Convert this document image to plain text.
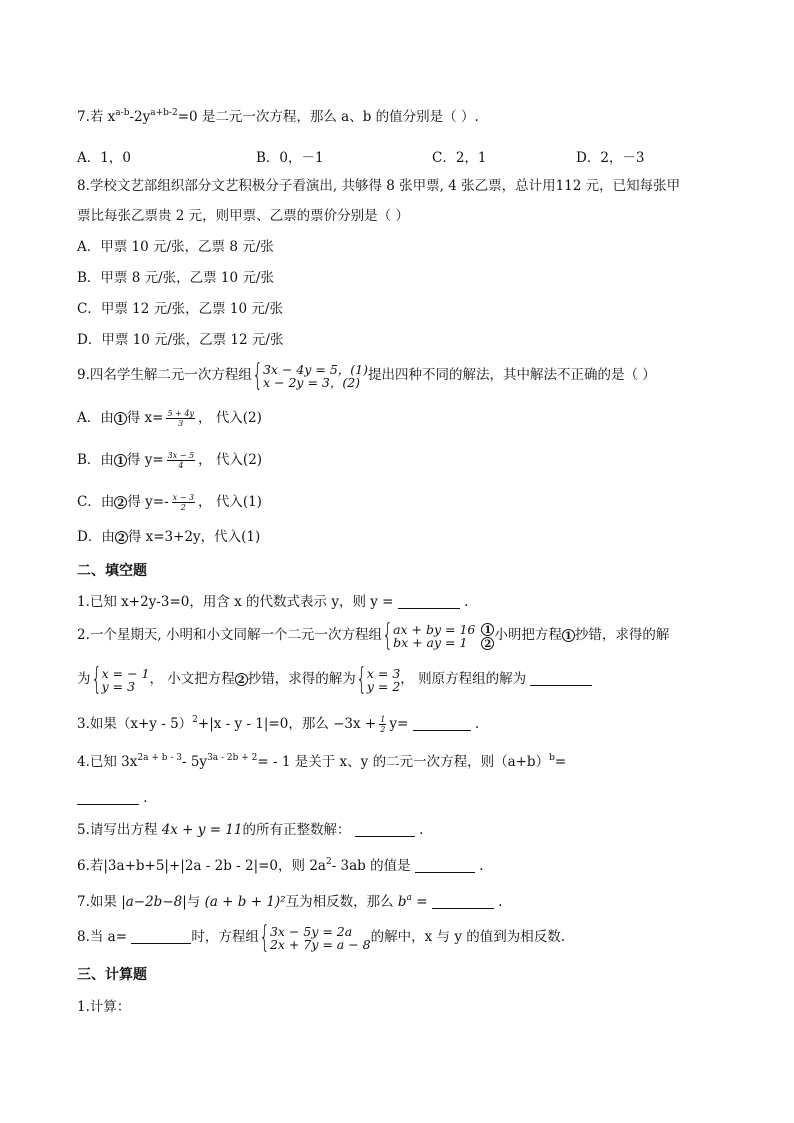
7.若 $x^{a-b}-2y^{a+b-2}=0$ 是二元一次方程，那么 a、b 的值分别是（ ）.
A．1，0	B．0，－1	C．2，1	D．2，－3
8.学校文艺部组织部分文艺积极分子看演出, 共够得 8 张甲票, 4 张乙票，总计用112 元，已知每张甲
票比每张乙票贵 2 元，则甲票、乙票的票价分别是（ ）
A．甲票 10 元/张，乙票 8 元/张
B．甲票 8 元/张，乙票 10 元/张
C．甲票 12 元/张，乙票 10 元/张
D．甲票 10 元/张，乙票 12 元/张
9.四名学生解二元一次方程组{ 3x − 4y = 5，(1)
x − 2y = 3，(2) 提出四种不同的解法，其中解法不正确的是（ ）
A．由 1 得 $x= \frac{5 + 4y}{3}$ ， 代入(2)
B．由 1 得 $y= \frac{3x - 5}{4}$ ， 代入(2)
C．由 2 得 $y=- \frac{x - 3}{2}$ ， 代入(1)
D．由 2 得 x=3+2y，代入(1)
二、填空题
1.已知 x+2y-3=0，用含 x 的代数式表示 y，则 y =	.
2.一个星期天, 小明和小文同解一个二元一次方程组{ ax + by = 16
bx + ay = 1
1
2
小明把方程 1 抄错，求得的解
为{ x = − 1
y = 3	， 小文把方程 2 抄错，求得的解为{ x = 3
y = 2 ， 则原方程组的解为
3.如果$(x+y - 5)^2+|x - y - 1|=0$，那么 $-3x + \frac{1}{2} y=$	.
4.已知 $3x^{2a + b - 3}-$ $5y^{3a - 2b + 2}= - 1$ 是关于 x、y 的二元一次方程，则$(a+b)^b=$
.
5.请写出方程 4x + y = 11的所有正整数解：	.
6.若|3a+b+5|+|2a - 2b - 2|=0，则 $2a^2-$ 3ab 的值是	.
7.如果 |a−2b−8|与 (a + b + 1)²互为相反数，那么 $b^a$ =	.
8.当 a=	时，方程组{ 3x − 5y = 2a
2x + 7y = a − 8 的解中，x 与 y 的值到为相反数.
三、计算题
1.计算：
